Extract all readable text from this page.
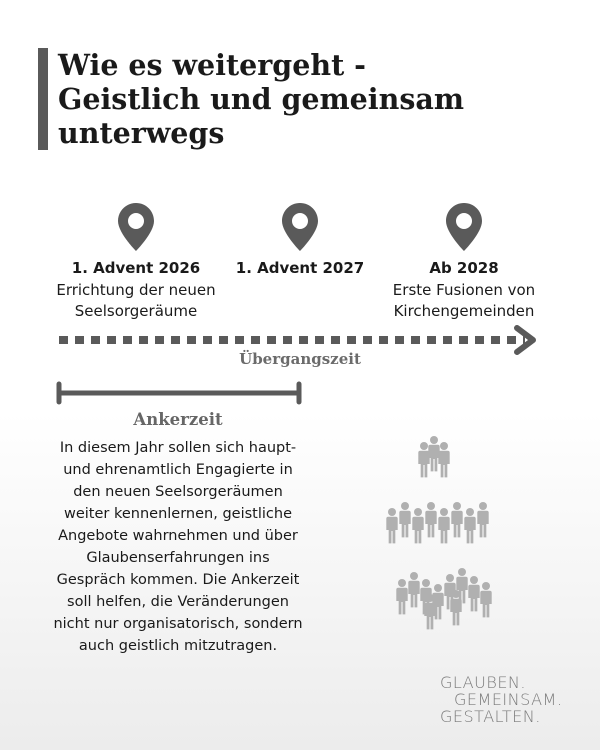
Wie es weitergeht -
Geistlich und gemeinsam
unterwegs
1. Advent 2026
Errichtung der neuen
Seelsorgeräume
1. Advent 2027	Ab 2028
Erste Fusionen von
Kirchengemeinden
Übergangszeit
Ankerzeit
In diesem Jahr sollen sich haupt-
und ehrenamtlich Engagierte in
den neuen Seelsorgeräumen
weiter kennenlernen, geistliche
Angebote wahrnehmen und über
Glaubenserfahrungen ins
Gespräch kommen. Die Ankerzeit
soll helfen, die Veränderungen
nicht nur organisatorisch, sondern
auch geistlich mitzutragen.
GLAUBEN.
GEMEINSAM.
GESTALTEN.
